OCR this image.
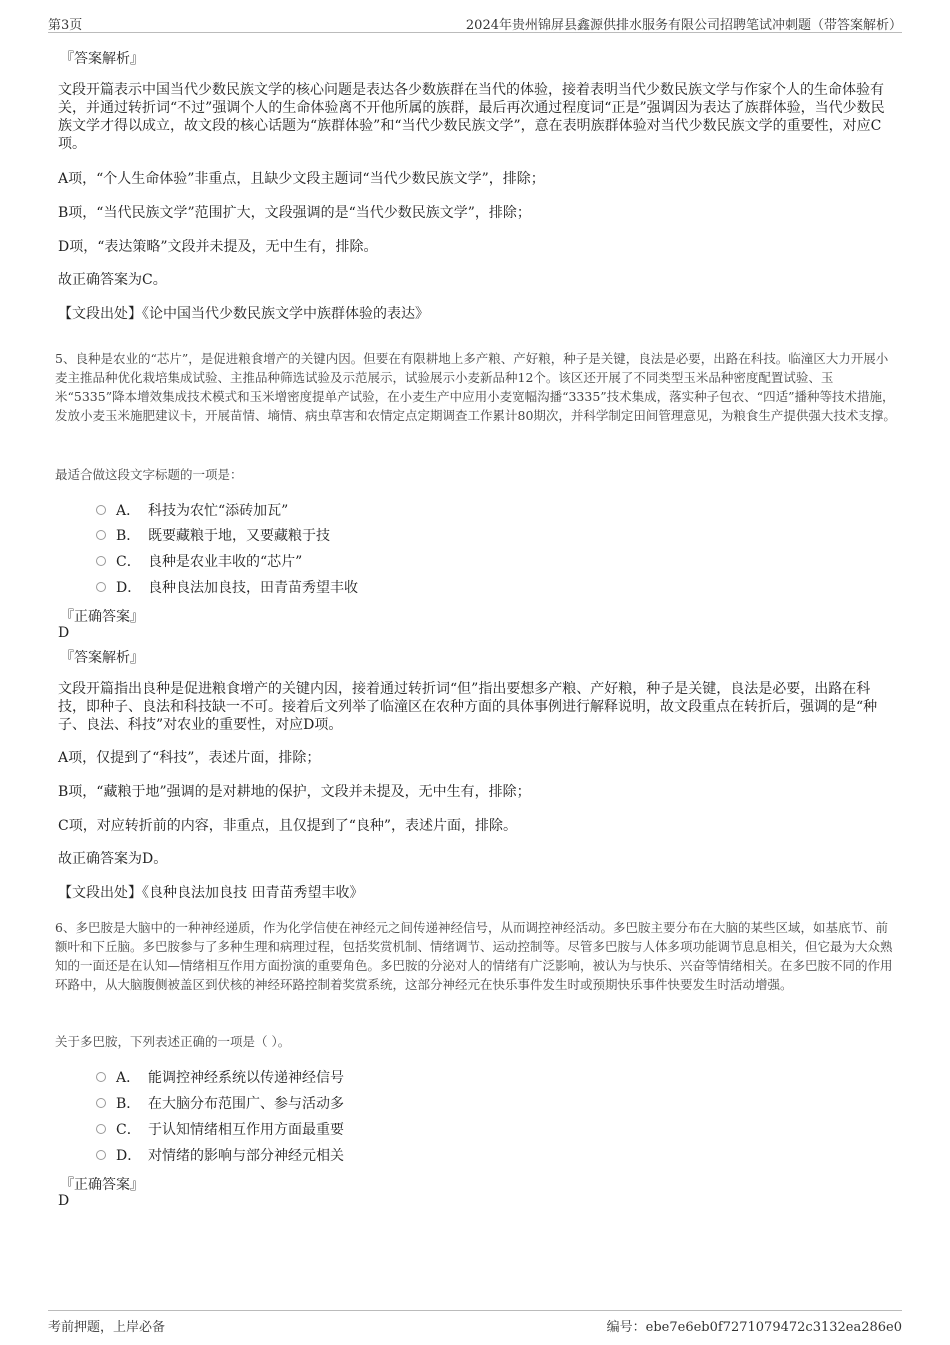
第3页	2024年贵州锦屏县鑫源供排水服务有限公司招聘笔试冲刺题（带答案解析）
『答案解析』
文段开篇表示中国当代少数民族文学的核心问题是表达各少数族群在当代的体验，接着表明当代少数民族文学与作家个人的生命体验有关，并通过转折词“不过”强调个人的生命体验离不开他所属的族群，最后再次通过程度词“正是”强调因为表达了族群体验，当代少数民族文学才得以成立，故文段的核心话题为“族群体验”和“当代少数民族文学”，意在表明族群体验对当代少数民族文学的重要性，对应C项。
A项，“个人生命体验”非重点，且缺少文段主题词“当代少数民族文学”，排除；
B项，“当代民族文学”范围扩大，文段强调的是“当代少数民族文学”，排除；
D项，“表达策略”文段并未提及，无中生有，排除。
故正确答案为C。
【文段出处】《论中国当代少数民族文学中族群体验的表达》
5、良种是农业的“芯片”，是促进粮食增产的关键内因。但要在有限耕地上多产粮、产好粮，种子是关键，良法是必要，出路在科技。临潼区大力开展小麦主推品种优化栽培集成试验、主推品种筛选试验及示范展示，试验展示小麦新品种12个。该区还开展了不同类型玉米品种密度配置试验、玉米“5335”降本增效集成技术模式和玉米增密度提单产试验，在小麦生产中应用小麦宽幅沟播“3335”技术集成，落实种子包衣、“四适”播种等技术措施，发放小麦玉米施肥建议卡，开展苗情、墒情、病虫草害和农情定点定期调查工作累计80期次，并科学制定田间管理意见，为粮食生产提供强大技术支撑。
最适合做这段文字标题的一项是：
A． 科技为农忙“添砖加瓦”
B． 既要藏粮于地，又要藏粮于技
C． 良种是农业丰收的“芯片”
D． 良种良法加良技，田青苗秀望丰收
『正确答案』
D
『答案解析』
文段开篇指出良种是促进粮食增产的关键内因，接着通过转折词“但”指出要想多产粮、产好粮，种子是关键，良法是必要，出路在科技，即种子、良法和科技缺一不可。接着后文列举了临潼区在农种方面的具体事例进行解释说明，故文段重点在转折后，强调的是“种子、良法、科技”对农业的重要性，对应D项。
A项，仅提到了“科技”，表述片面，排除；
B项，“藏粮于地”强调的是对耕地的保护，文段并未提及，无中生有，排除；
C项，对应转折前的内容，非重点，且仅提到了“良种”，表述片面，排除。
故正确答案为D。
【文段出处】《良种良法加良技 田青苗秀望丰收》
6、多巴胺是大脑中的一种神经递质，作为化学信使在神经元之间传递神经信号，从而调控神经活动。多巴胺主要分布在大脑的某些区域，如基底节、前额叶和下丘脑。多巴胺参与了多种生理和病理过程，包括奖赏机制、情绪调节、运动控制等。尽管多巴胺与人体多项功能调节息息相关，但它最为大众熟知的一面还是在认知—情绪相互作用方面扮演的重要角色。多巴胺的分泌对人的情绪有广泛影响，被认为与快乐、兴奋等情绪相关。在多巴胺不同的作用环路中，从大脑腹侧被盖区到伏核的神经环路控制着奖赏系统，这部分神经元在快乐事件发生时或预期快乐事件快要发生时活动增强。
关于多巴胺，下列表述正确的一项是（ ）。
A． 能调控神经系统以传递神经信号
B． 在大脑分布范围广、参与活动多
C． 于认知情绪相互作用方面最重要
D． 对情绪的影响与部分神经元相关
『正确答案』
D
考前押题，上岸必备	编号：ebe7e6eb0f7271079472c3132ea286e0
